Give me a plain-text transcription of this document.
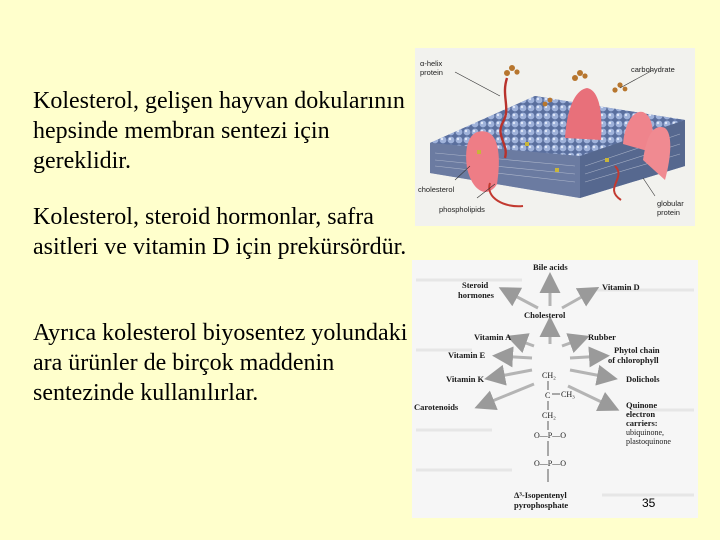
Kolesterol, gelişen hayvan dokularının hepsinde membran sentezi için gereklidir.
Kolesterol, steroid hormonlar, safra asitleri ve vitamin D için prekürsördür.
Ayrıca kolesterol biyosentez yolundaki ara ürünler de birçok maddenin sentezinde kullanılırlar.
α-helix
protein	carbohydrate
cholesterol
phospholipids
globular
protein
Bile acids
Steroid
hormones
Vitamin D
Cholesterol
Vitamin A	Rubber
Vitamin E	Phytol chain
of chlorophyll
Vitamin K	Dolichols
Carotenoids	Quinone
electron
carriers:
ubiquinone,
plastoquinone
CH₂
C CH₃
CH₂
O—P—O
O—P—O
Δ³-Isopentenyl
pyrophosphate	35
